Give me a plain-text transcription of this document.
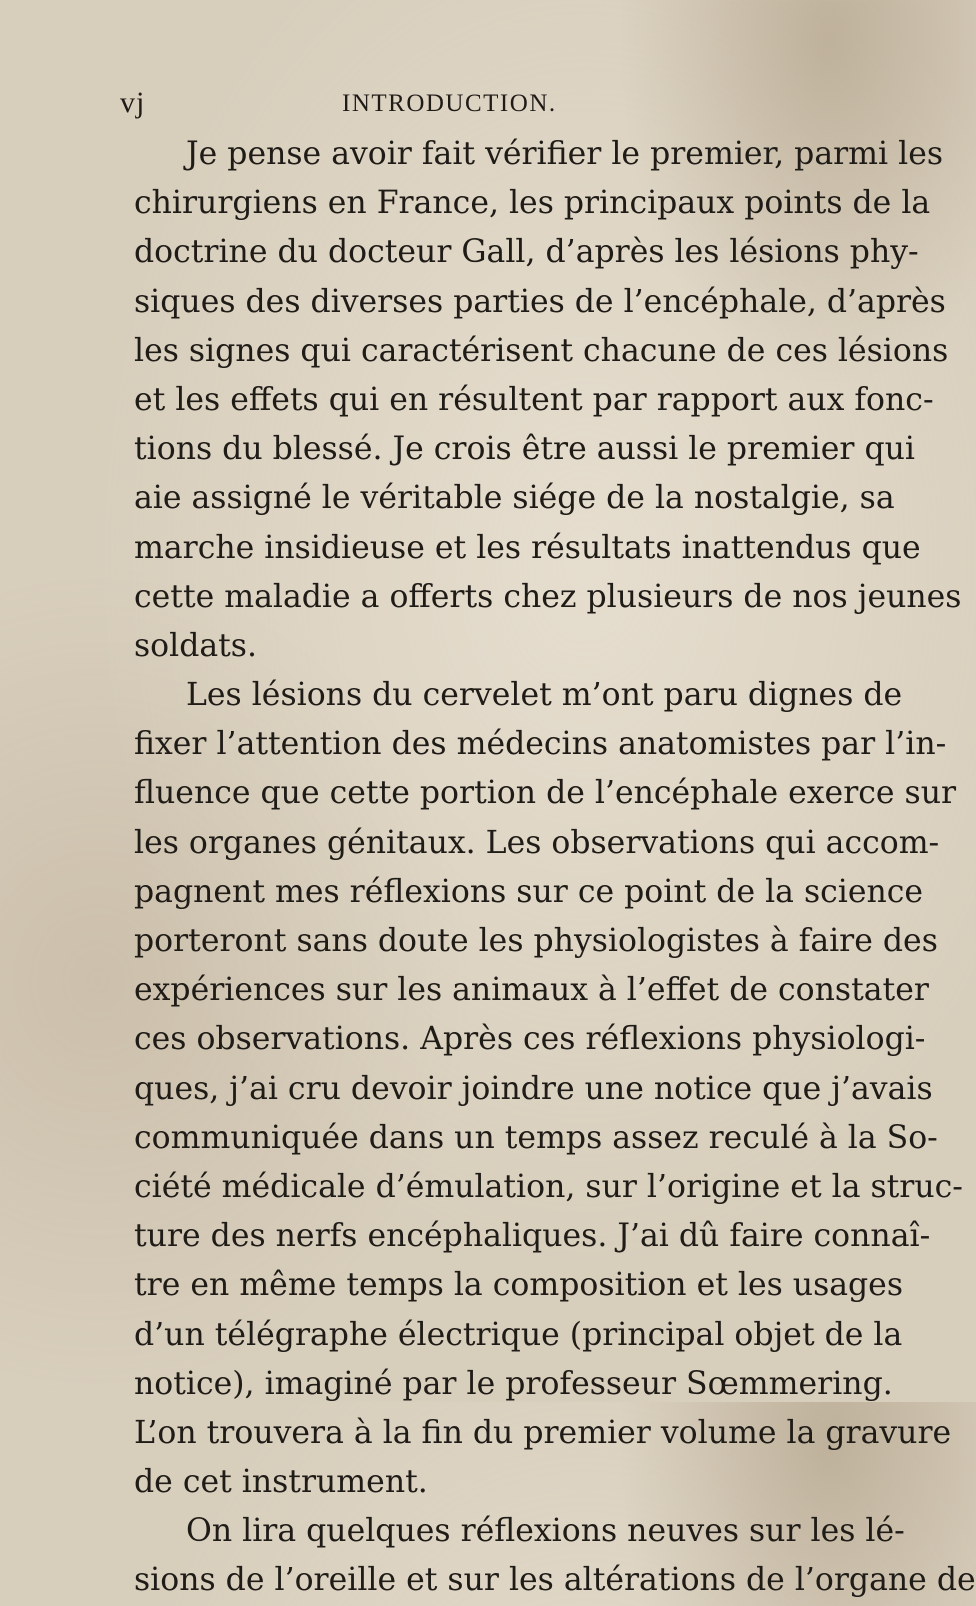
vj	INTRODUCTION.
Je pense avoir fait vérifier le premier, parmi les
chirurgiens en France, les principaux points de la
doctrine du docteur Gall, d’après les lésions phy-
siques des diverses parties de l’encéphale, d’après
les signes qui caractérisent chacune de ces lésions
et les effets qui en résultent par rapport aux fonc-
tions du blessé. Je crois être aussi le premier qui
aie assigné le véritable siége de la nostalgie, sa
marche insidieuse et les résultats inattendus que
cette maladie a offerts chez plusieurs de nos jeunes
soldats.
Les lésions du cervelet m’ont paru dignes de
fixer l’attention des médecins anatomistes par l’in-
fluence que cette portion de l’encéphale exerce sur
les organes génitaux. Les observations qui accom-
pagnent mes réflexions sur ce point de la science
porteront sans doute les physiologistes à faire des
expériences sur les animaux à l’effet de constater
ces observations. Après ces réflexions physiologi-
ques, j’ai cru devoir joindre une notice que j’avais
communiquée dans un temps assez reculé à la So-
ciété médicale d’émulation, sur l’origine et la struc-
ture des nerfs encéphaliques. J’ai dû faire connaî-
tre en même temps la composition et les usages
d’un télégraphe électrique (principal objet de la
notice), imaginé par le professeur Sœmmering.
L’on trouvera à la fin du premier volume la gravure
de cet instrument.
On lira quelques réflexions neuves sur les lé-
sions de l’oreille et sur les altérations de l’organe de
